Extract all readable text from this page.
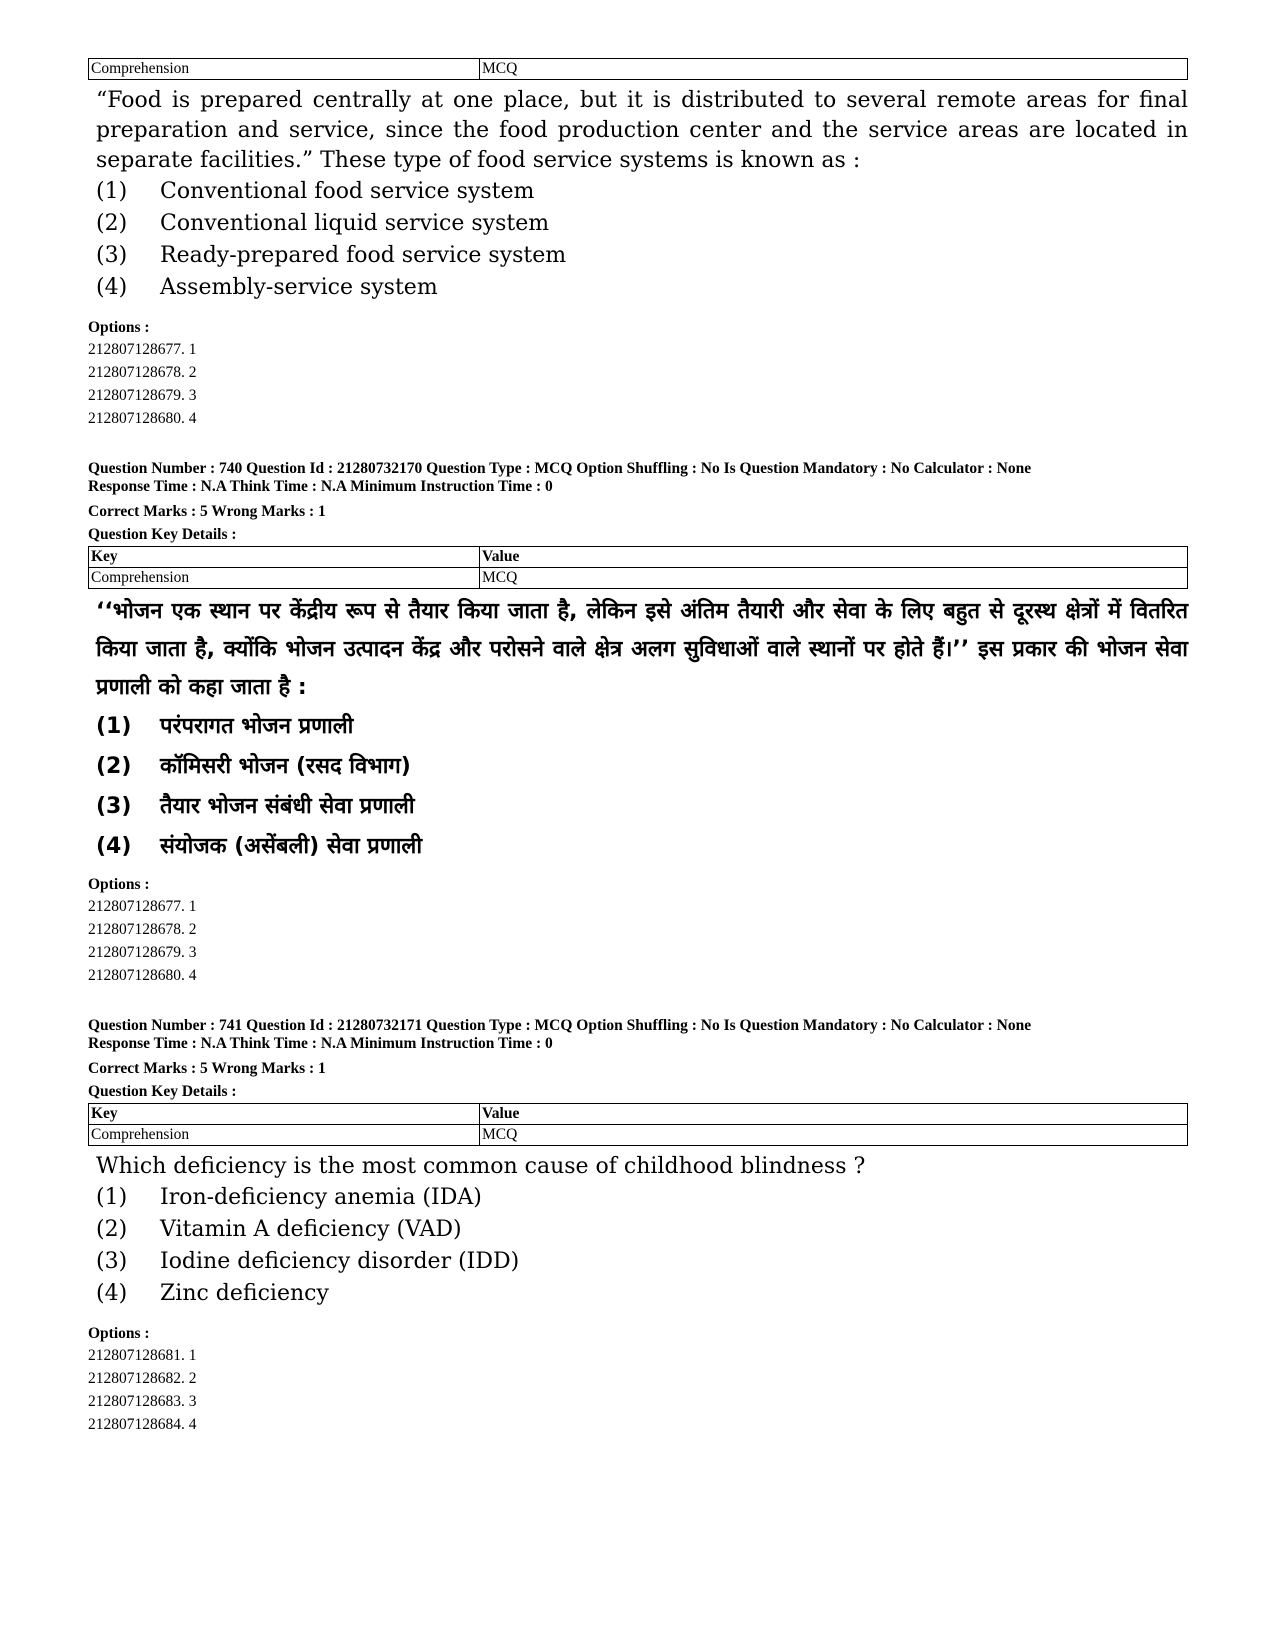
Comprehension	MCQ
“Food is prepared centrally at one place, but it is distributed to several remote areas for final preparation and service, since the food production center and the service areas are located in separate facilities.” These type of food service systems is known as :
(1)	Conventional food service system
(2)	Conventional liquid service system
(3)	Ready-prepared food service system
(4)	Assembly-service system
Options :
212807128677. 1
212807128678. 2
212807128679. 3
212807128680. 4
Question Number : 740 Question Id : 21280732170 Question Type : MCQ Option Shuffling : No Is Question Mandatory : No Calculator : None
Response Time : N.A Think Time : N.A Minimum Instruction Time : 0
Correct Marks : 5 Wrong Marks : 1
Question Key Details :
Key	Value
Comprehension	MCQ
‘‘भोजन एक स्थान पर केंद्रीय रूप से तैयार किया जाता है, लेकिन इसे अंतिम तैयारी और सेवा के लिए बहुत से दूरस्थ क्षेत्रों में वितरित किया जाता है, क्योंकि भोजन उत्पादन केंद्र और परोसने वाले क्षेत्र अलग सुविधाओं वाले स्थानों पर होते हैं।’’ इस प्रकार की भोजन सेवा प्रणाली को कहा जाता है :
(1)	परंपरागत भोजन प्रणाली
(2)	कॉमिसरी भोजन (रसद विभाग)
(3)	तैयार भोजन संबंधी सेवा प्रणाली
(4)	संयोजक (असेंबली) सेवा प्रणाली
Options :
212807128677. 1
212807128678. 2
212807128679. 3
212807128680. 4
Question Number : 741 Question Id : 21280732171 Question Type : MCQ Option Shuffling : No Is Question Mandatory : No Calculator : None
Response Time : N.A Think Time : N.A Minimum Instruction Time : 0
Correct Marks : 5 Wrong Marks : 1
Question Key Details :
Key	Value
Comprehension	MCQ
Which deficiency is the most common cause of childhood blindness ?
(1)	Iron-deficiency anemia (IDA)
(2)	Vitamin A deficiency (VAD)
(3)	Iodine deficiency disorder (IDD)
(4)	Zinc deficiency
Options :
212807128681. 1
212807128682. 2
212807128683. 3
212807128684. 4
